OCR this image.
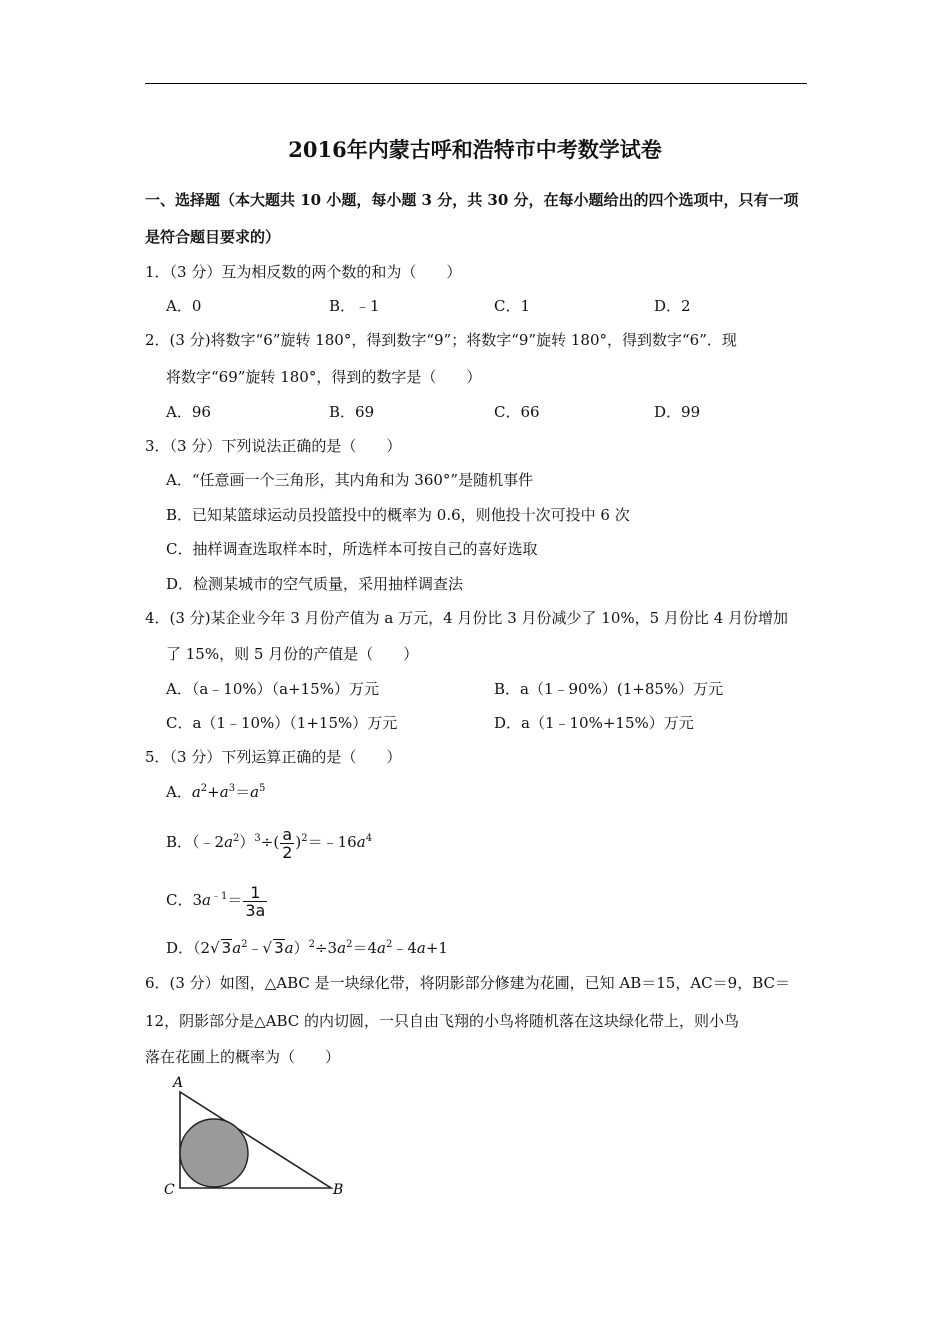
2016年内蒙古呼和浩特市中考数学试卷
一、选择题（本大题共 10 小题，每小题 3 分，共 30 分，在每小题给出的四个选项中，只有一项
是符合题目要求的）
1．（3 分）互为相反数的两个数的和为（　　）
A．0	B．﹣1	C．1	D．2
2．(3 分)将数字“6”旋转 180°，得到数字“9”；将数字“9”旋转 180°，得到数字“6”．现
将数字“69”旋转 180°，得到的数字是（　　）
A．96	B．69	C．66	D．99
3．（3 分）下列说法正确的是（　　）
A．“任意画一个三角形，其内角和为 360°”是随机事件
B．已知某篮球运动员投篮投中的概率为 0.6，则他投十次可投中 6 次
C．抽样调查选取样本时，所选样本可按自己的喜好选取
D．检测某城市的空气质量，采用抽样调查法
4．(3 分)某企业今年 3 月份产值为 a 万元，4 月份比 3 月份减少了 10%，5 月份比 4 月份增加
了 15%，则 5 月份的产值是（　　）
A．（a﹣10%）（a+15%）万元	B．a（1﹣90%）(1+85%）万元
C．a（1﹣10%）（1+15%）万元	D．a（1﹣10%+15%）万元
5．（3 分）下列运算正确的是（　　）
A．$a^2+a^3=a^5$
B．$(﹣2a^2)^3\div( \frac{a}{2}$ )$^2=﹣16a^4$
C．$3a^{﹣1}= \frac{1}{3a}$
D．（2√ $3a^2﹣√$ $3a)^2\div 3a^2=4a^2﹣4a+1$
6．(3 分）如图，△ABC 是一块绿化带，将阴影部分修建为花圃，已知 AB＝15，AC＝9，BC＝
12，阴影部分是△ABC 的内切圆，一只自由飞翔的小鸟将随机落在这块绿化带上，则小鸟
落在花圃上的概率为（　　）
A
C	B
